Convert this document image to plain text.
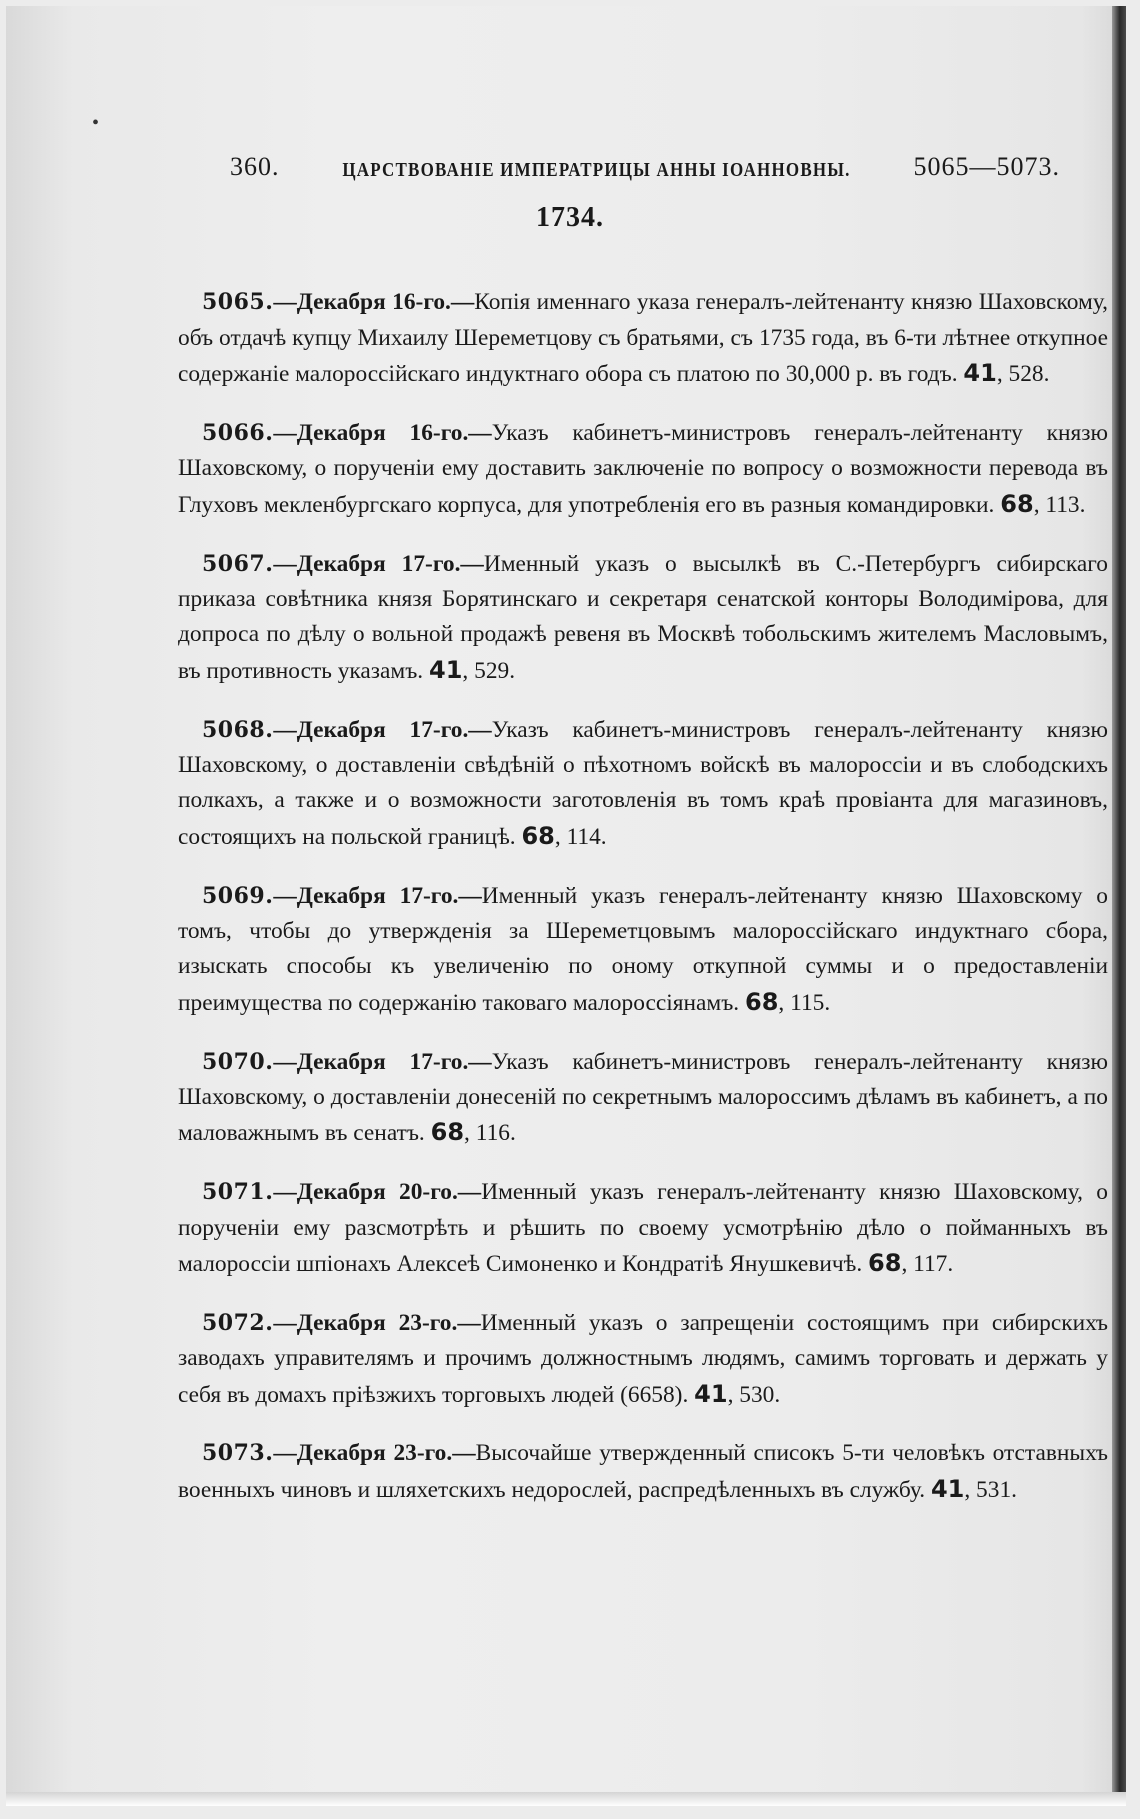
•
360.	ЦАРСТВОВАНІЕ ИМПЕРАТРИЦЫ АННЫ ІОАННОВНЫ. 5065—5073.
1734.

5065.—Декабря 16-го.—Копія именнаго указа генералъ-лейтенанту князю Шаховскому, объ отдачѣ купцу Михаилу Шереметцову съ братьями, съ 1735 года, въ 6-ти лѣтнее откупное содержаніе малороссійскаго индуктнаго обора съ платою по 30,000 р. въ годъ. 41, 528.

5066.—Декабря 16-го.—Указъ кабинетъ-министровъ генералъ-лейтенанту князю Шаховскому, о порученіи ему доставить заключеніе по вопросу о возможности перевода въ Глуховъ мекленбургскаго корпуса, для употребленія его въ разныя командировки. 68, 113.

5067.—Декабря 17-го.—Именный указъ о высылкѣ въ С.-Петербургъ сибирскаго приказа совѣтника князя Борятинскаго и секретаря сенатской конторы Володимірова, для допроса по дѣлу о вольной продажѣ ревеня въ Москвѣ тобольскимъ жителемъ Масловымъ, въ противность указамъ. 41, 529.

5068.—Декабря 17-го.—Указъ кабинетъ-министровъ генералъ-лейтенанту князю Шаховскому, о доставленіи свѣдѣній о пѣхотномъ войскѣ въ малороссіи и въ слободскихъ полкахъ, а также и о возможности заготовленія въ томъ краѣ провіанта для магазиновъ, состоящихъ на польской границѣ. 68, 114.

5069.—Декабря 17-го.—Именный указъ генералъ-лейтенанту князю Шаховскому о томъ, чтобы до утвержденія за Шереметцовымъ малороссійскаго индуктнаго сбора, изыскать способы къ увеличенію по оному откупной суммы и о предоставленіи преимущества по содержанію таковаго малороссіянамъ. 68, 115.

5070.—Декабря 17-го.—Указъ кабинетъ-министровъ генералъ-лейтенанту князю Шаховскому, о доставленіи донесеній по секретнымъ малороссимъ дѣламъ въ кабинетъ, а по маловажнымъ въ сенатъ. 68, 116.

5071.—Декабря 20-го.—Именный указъ генералъ-лейтенанту князю Шаховскому, о порученіи ему разсмотрѣть и рѣшить по своему усмотрѣнію дѣло о пойманныхъ въ малороссіи шпіонахъ Алексеѣ Симоненко и Кондратіѣ Янушкевичѣ. 68, 117.

5072.—Декабря 23-го.—Именный указъ о запрещеніи состоящимъ при сибирскихъ заводахъ управителямъ и прочимъ должностнымъ людямъ, самимъ торговать и держать у себя въ домахъ пріѣзжихъ торговыхъ людей (6658). 41, 530.

5073.—Декабря 23-го.—Высочайше утвержденный списокъ 5-ти человѣкъ отставныхъ военныхъ чиновъ и шляхетскихъ недорослей, распредѣленныхъ въ службу. 41, 531.
